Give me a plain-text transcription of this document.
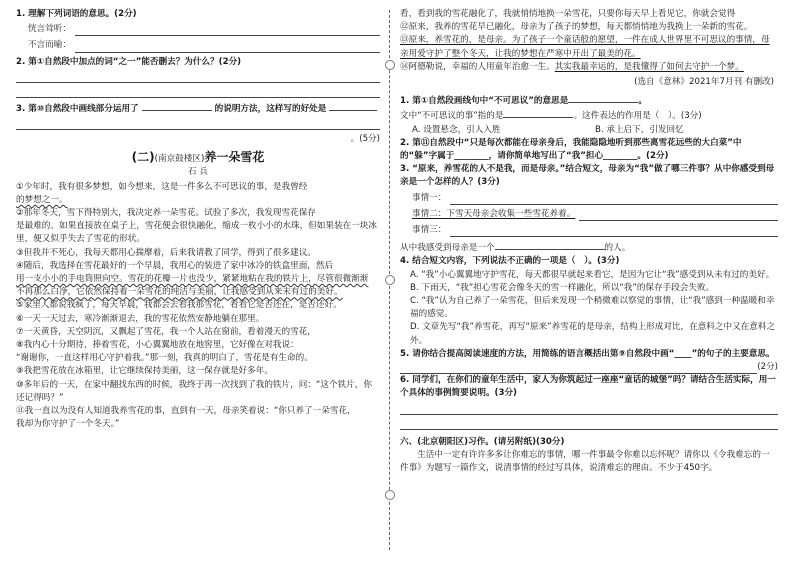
1. 理解下列词语的意思。(2分)

恍言耸听：
不言而喻：

2. 第①自然段中加点的词“之一”能否删去？为什么？(2分)

3. 第⑩自然段中画线部分运用了	的说明方法，这样写的好处是

。(5分)

(二)(南京鼓楼区)养一朵雪花

石 兵

①少年时，我有很多梦想，如今想来，这是一件多么不可思议的事，是我曾经

的梦想之一。

②那年冬天，雪下得特别大，我决定养一朵雪花。试验了多次，我发现雪花保存

是最难的。如果直接放在桌子上，雪花便会很快融化，缩成一枚小小的水珠，但如果装在一块冰里，便又似乎失去了雪花的形状。

③但我并不死心，我每天都用心揣摩着，后来我请教了同学，得到了很多建议。

④随后，我选择在雪花最好的一个早晨，我用心的装进了家中冰冷的铁盒里面，然后

用一支小小的手电筒照向空。雪花的花瓣一片也没少，紧紧地粘在我的铁片上，尽管很微渐渐

不再那么白净，它依然保持着一朵雪花的纯洁与美丽，让我感受到从来未有过的美好。

⑤家里人都说我疯了，每天早晨，我都会去看我那雪花，看看它是否还在，是否还好。

⑥一天一天过去，寒冷渐渐退去，我的雪花依然安静地躺在那里。

⑦一天黄昏，天空阴沉，又飘起了雪花，我一个人站在窗前，看着漫天的雪花，

⑧我内心十分期待，捧着雪花，小心翼翼地放在地窖里，它好像在对我说：

“谢谢你，一直这样用心守护着我。”那一刻，我真的明白了，雪花是有生命的。

⑨我把雪花放在冰箱里，让它继续保持美丽，这一保存就是好多年。

⑩多年后的一天，在家中翻找东西的时候，我终于再一次找到了我的铁片，问：“这个铁片，你还记得吗？”

⑪我一直以为没有人知道我养雪花的事，直到有一天，母亲笑着说：“你只养了一朵雪花，

我却为你守护了一个冬天。”

看，看到我的雪花融化了，我就悄悄地换一朵雪花，只要你每天早上看见它，你就会觉得

⑫原来，我养的雪花早已融化，母亲为了孩子的梦想，每天都悄悄地为我换上一朵新的雪花。

⑬原来，养雪花的，是母亲。为了孩子一个童话般的愿望，一件在成人世界里不可思议的事情，母亲用爱守护了整个冬天，让我的梦想在严寒中开出了最美的花。

⑭阿德勒说，幸福的人用童年治愈一生。其实我最幸运的，是我懂得了如何去守护一个梦。

(选自《意林》2021年7月刊 有删改)

1. 第①自然段画线句中“不可思议”的意思是	。

文中“不可思议的事”指的是	。这件表达的作用是（　）。(3分)

A. 设置悬念，引人入胜	B. 承上启下，引发回忆

2. 第⑪自然段中“只是每次都能在母亲身后，我能隐隐地听到那些离雪花远些的大白菜”中的“躲”字属于________，请你简单地写出了“我”担心________。(2分)

3. “原来，养雪花的人不是我，而是母亲。”结合短文，母亲为“我”做了哪三件事？从中你感受到母亲是一个怎样的人？(3分)

事情一：
事情二：下雪天母亲会收集一些雪花养着。
事情三：

从中我感受到母亲是一个	的人。

4. 结合短文内容，下列说法不正确的一项是（　）。(3分)

A. “我”小心翼翼地守护雪花，每天都很早就起来看它，是因为它让“我”感受到从未有过的美好。

B. 下雨天，“我”担心雪花会像冬天的雪一样融化，所以“我”的保存手段会失败。

C. “我”认为自己养了一朵雪花，但后来发现一个稍微难以察觉的事情，让“我”感到一种温暖和幸福的感觉。

D. 文章先写“我”养雪花，再写“原来”养雪花的是母亲，结构上形成对比，在意料之中又在意料之外。

5. 请你结合提高阅读速度的方法，用简练的语言概括出第⑨自然段中画“____”的句子的主要意思。

(2分)

6. 同学们，在你们的童年生活中，家人为你筑起过一座座“童话的城堡”吗？请结合生活实际，用一个具体的事例简要说明。(3分)

六、(北京朝阳区)习作。(请另附纸)(30分)

生活中一定有许许多多让你难忘的事情，哪一件事最令你难以忘怀呢？请你以《令我难忘的一件事》为题写一篇作文，说清事情的经过写具体，说清难忘的理由。不少于450字。
